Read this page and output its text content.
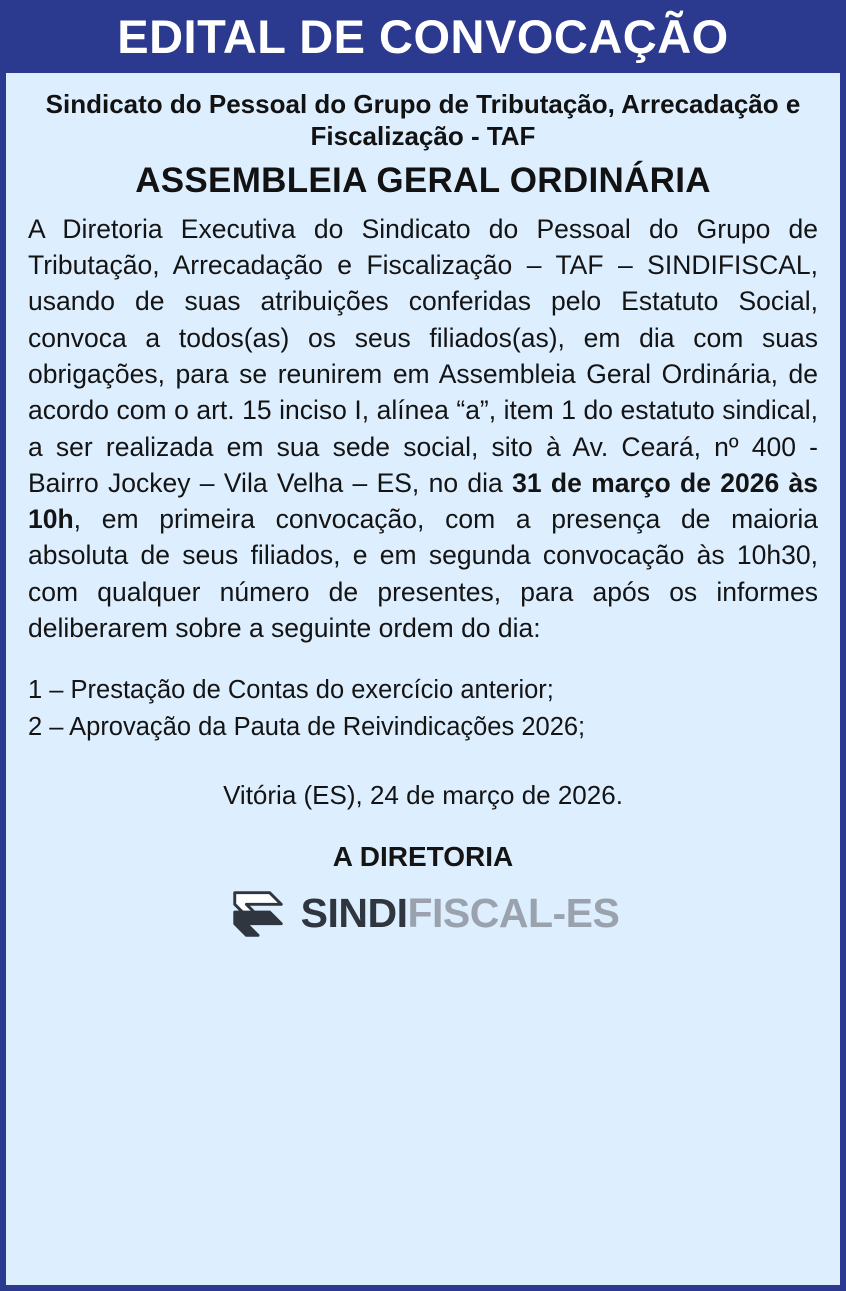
EDITAL DE CONVOCAÇÃO
Sindicato do Pessoal do Grupo de Tributação, Arrecadação e Fiscalização - TAF
ASSEMBLEIA GERAL ORDINÁRIA

A Diretoria Executiva do Sindicato do Pessoal do Grupo de Tributação, Arrecadação e Fiscalização – TAF – SINDIFISCAL, usando de suas atribuições conferidas pelo Estatuto Social, convoca a todos(as) os seus filiados(as), em dia com suas obrigações, para se reunirem em Assembleia Geral Ordinária, de acordo com o art. 15 inciso I, alínea “a”, item 1 do estatuto sindical, a ser realizada em sua sede social, sito à Av. Ceará, nº 400 - Bairro Jockey – Vila Velha – ES, no dia 31 de março de 2026 às 10h, em primeira convocação, com a presença de maioria absoluta de seus filiados, e em segunda convocação às 10h30, com qualquer número de presentes, para após os informes deliberarem sobre a seguinte ordem do dia:

1 – Prestação de Contas do exercício anterior;
2 – Aprovação da Pauta de Reivindicações 2026;
Vitória (ES), 24 de março de 2026.
A DIRETORIA
SINDIFISCAL-ES
